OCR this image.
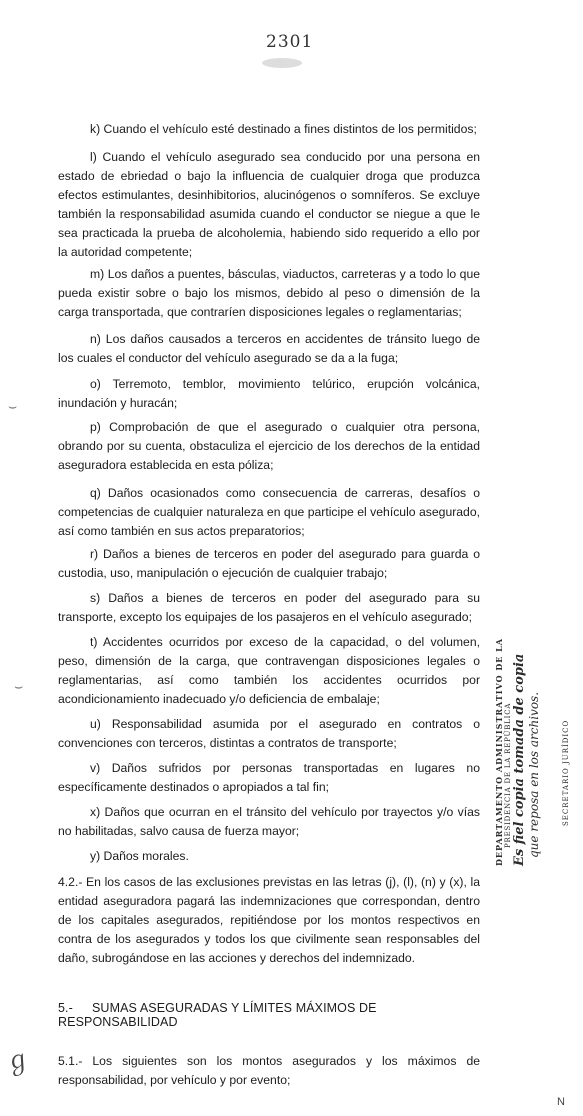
2301

k) Cuando el vehículo esté destinado a fines distintos de los permitidos;

l) Cuando el vehículo asegurado sea conducido por una persona en estado de ebriedad o bajo la influencia de cualquier droga que produzca efectos estimulantes, desinhibitorios, alucinógenos o somníferos. Se excluye también la responsabilidad asumida cuando el conductor se niegue a que le sea practicada la prueba de alcoholemia, habiendo sido requerido a ello por la autoridad competente;

m) Los daños a puentes, básculas, viaductos, carreteras y a todo lo que pueda existir sobre o bajo los mismos, debido al peso o dimensión de la carga transportada, que contraríen disposiciones legales o reglamentarias;

n) Los daños causados a terceros en accidentes de tránsito luego de los cuales el conductor del vehículo asegurado se da a la fuga;

o) Terremoto, temblor, movimiento telúrico, erupción volcánica, inundación y huracán;

p) Comprobación de que el asegurado o cualquier otra persona, obrando por su cuenta, obstaculiza el ejercicio de los derechos de la entidad aseguradora establecida en esta póliza;

q) Daños ocasionados como consecuencia de carreras, desafíos o competencias de cualquier naturaleza en que participe el vehículo asegurado, así como también en sus actos preparatorios;

r) Daños a bienes de terceros en poder del asegurado para guarda o custodia, uso, manipulación o ejecución de cualquier trabajo;

s) Daños a bienes de terceros en poder del asegurado para su transporte, excepto los equipajes de los pasajeros en el vehículo asegurado;

t) Accidentes ocurridos por exceso de la capacidad, o del volumen, peso, dimensión de la carga, que contravengan disposiciones legales o reglamentarias, así como también los accidentes ocurridos por acondicionamiento inadecuado y/o deficiencia de embalaje;

u) Responsabilidad asumida por el asegurado en contratos o convenciones con terceros, distintas a contratos de transporte;

v) Daños sufridos por personas transportadas en lugares no específicamente destinados o apropiados a tal fin;

x) Daños que ocurran en el tránsito del vehículo por trayectos y/o vías no habilitadas, salvo causa de fuerza mayor;

y) Daños morales.

4.2.- En los casos de las exclusiones previstas en las letras (j), (l), (n) y (x), la entidad aseguradora pagará las indemnizaciones que correspondan, dentro de los capitales asegurados, repitiéndose por los montos respectivos en contra de los asegurados y todos los que civilmente sean responsables del daño, subrogándose en las acciones y derechos del indemnizado.

5.- SUMAS ASEGURADAS Y LÍMITES MÁXIMOS DE RESPONSABILIDAD

5.1.- Los siguientes son los montos asegurados y los máximos de responsabilidad, por vehículo y por evento;

DEPARTAMENTO ADMINISTRATIVO DE LA PRESIDENCIA DE LA REPÚBLICA Es fiel copia tomada de copia que reposa en los archivos.	SECRETARIO JURÍDICO
⌣
⌣
ℊ
N
